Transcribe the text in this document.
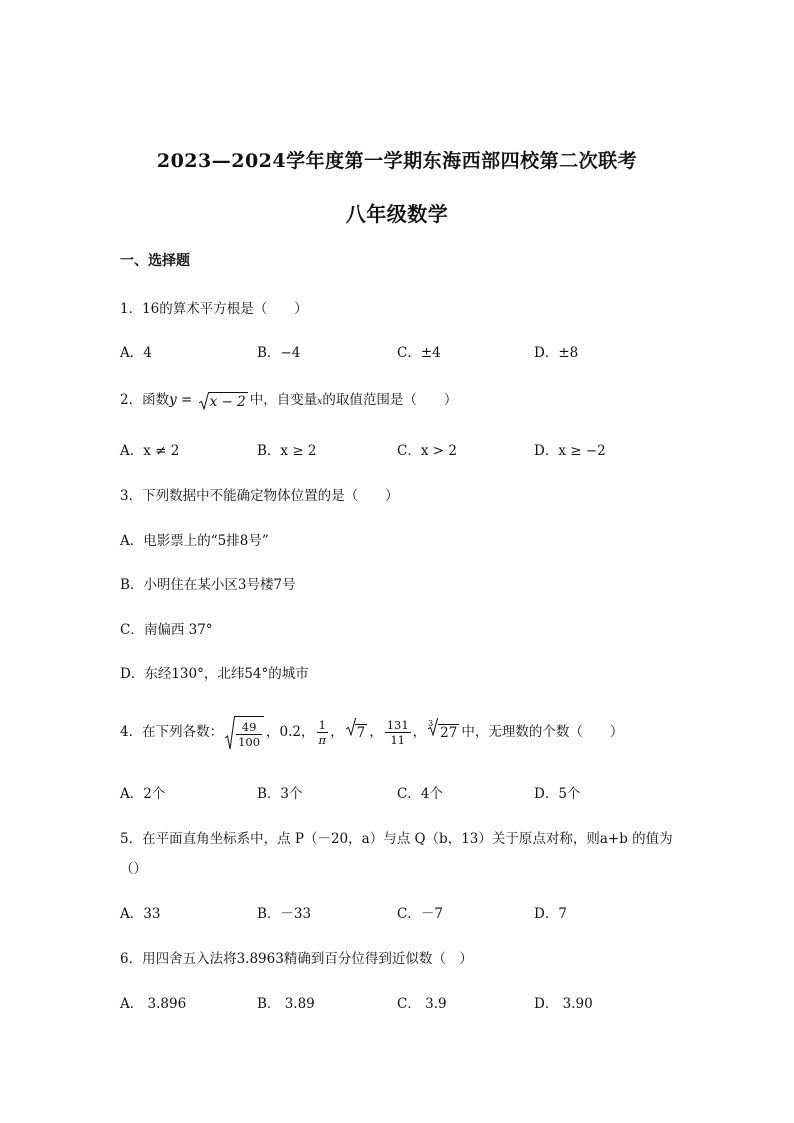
2023—2024学年度第一学期东海西部四校第二次联考
八年级数学
一、选择题
1．16的算术平方根是（　　）
A．4	B．−4	C．±4	D．±8
2．函数y = x − 2 中，自变量x的取值范围是（　　）
A．x ≠ 2	B．x ≥ 2	C．x > 2	D．x ≥ −2
3．下列数据中不能确定物体位置的是（　　）
A．电影票上的“5排8号”
B．小明住在某小区3号楼7号
C．南偏西 37°
D．东经130°，北纬54°的城市
4．在下列各数： $\frac{49}{100}$ ，0.2， $\frac{1}{\pi}$ ， 7 ， $\frac{131}{11}$ ，
3
27 中，无理数的个数（　　）
A．2个	B．3个	C．4个	D．5个
5．在平面直角坐标系中，点 P（－20，a）与点 Q（b，13）关于原点对称，则a+b 的值为
（）
A．33	B．－33	C．－7	D．7
6．用四舍五入法将3.8963精确到百分位得到近似数（　）
A． 3.896	B． 3.89	C． 3.9	D． 3.90
